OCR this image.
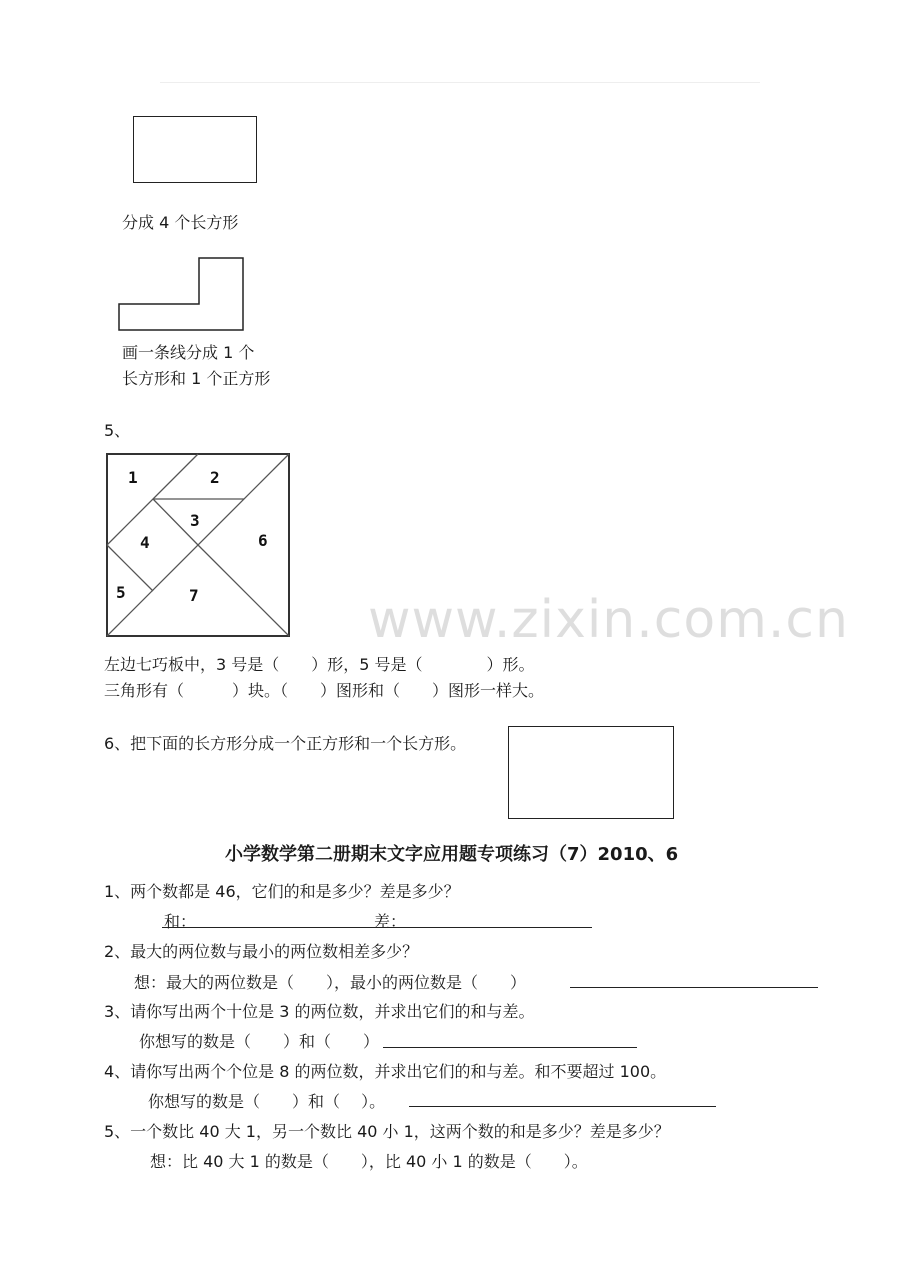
分成 4 个长方形
画一条线分成 1 个
长方形和 1 个正方形
5、
1	2
3
4
5
6
7	www.zixin.com.cn
左边七巧板中，3 号是（　　）形，5 号是（　　　　）形。
三角形有（　　　）块。（　　）图形和（　　）图形一样大。
6、把下面的长方形分成一个正方形和一个长方形。
小学数学第二册期末文字应用题专项练习（7）2010、6
1、两个数都是 46，它们的和是多少？差是多少？
和：	差：
2、最大的两位数与最小的两位数相差多少？
想：最大的两位数是（　　），最小的两位数是（　　）
3、请你写出两个十位是 3 的两位数，并求出它们的和与差。
你想写的数是（　　）和（　　）
4、请你写出两个个位是 8 的两位数，并求出它们的和与差。和不要超过 100。
你想写的数是（　　）和（　 ）。
5、一个数比 40 大 1，另一个数比 40 小 1，这两个数的和是多少？差是多少？
想：比 40 大 1 的数是（　　），比 40 小 1 的数是（　　）。
